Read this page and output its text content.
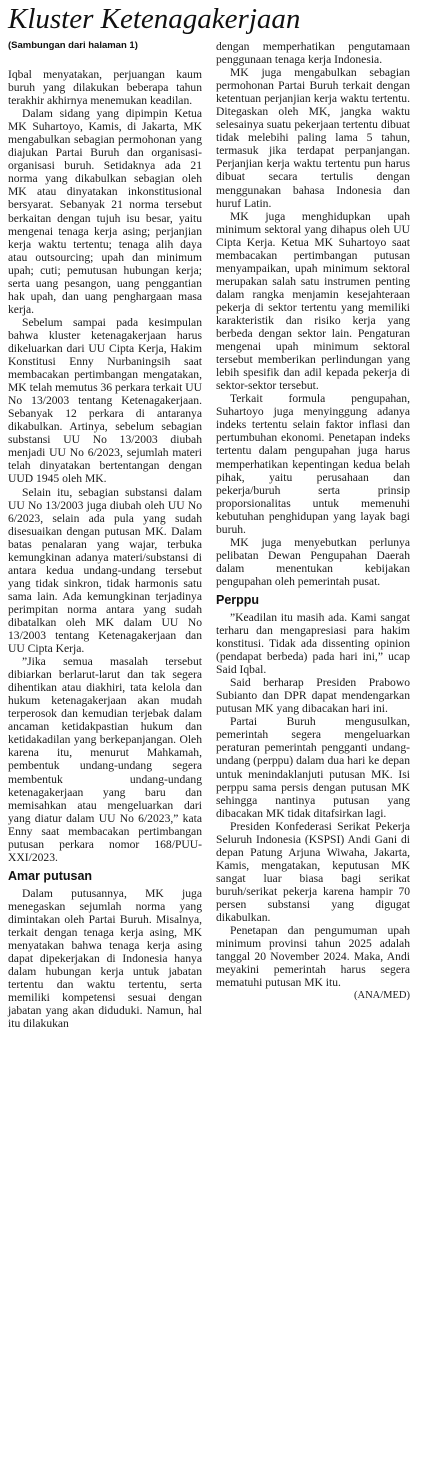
Kluster Ketenagakerjaan
(Sambungan dari halaman 1)

Iqbal menyatakan, perjuangan kaum buruh yang dilakukan beberapa tahun terakhir akhirnya menemukan keadilan.

Dalam sidang yang dipimpin Ketua MK Suhartoyo, Kamis, di Jakarta, MK mengabulkan sebagian permohonan yang diajukan Partai Buruh dan organisasi-organisasi buruh. Setidaknya ada 21 norma yang dikabulkan sebagian oleh MK atau dinyatakan inkonstitusional bersyarat. Sebanyak 21 norma tersebut berkaitan dengan tujuh isu besar, yaitu mengenai tenaga kerja asing; perjanjian kerja waktu tertentu; tenaga alih daya atau outsourcing; upah dan minimum upah; cuti; pemutusan hubungan kerja; serta uang pesangon, uang penggantian hak upah, dan uang penghargaan masa kerja.

Sebelum sampai pada kesimpulan bahwa kluster ketenagakerjaan harus dikeluarkan dari UU Cipta Kerja, Hakim Konstitusi Enny Nurbaningsih saat membacakan pertimbangan mengatakan, MK telah memutus 36 perkara terkait UU No 13/2003 tentang Ketenagakerjaan. Sebanyak 12 perkara di antaranya dikabulkan. Artinya, sebelum sebagian substansi UU No 13/2003 diubah menjadi UU No 6/2023, sejumlah materi telah dinyatakan bertentangan dengan UUD 1945 oleh MK.

Selain itu, sebagian substansi dalam UU No 13/2003 juga diubah oleh UU No 6/2023, selain ada pula yang sudah disesuaikan dengan putusan MK. Dalam batas penalaran yang wajar, terbuka kemungkinan adanya materi/substansi di antara kedua undang-undang tersebut yang tidak sinkron, tidak harmonis satu sama lain. Ada kemungkinan terjadinya perimpitan norma antara yang sudah dibatalkan oleh MK dalam UU No 13/2003 tentang Ketenagakerjaan dan UU Cipta Kerja.

”Jika semua masalah tersebut dibiarkan berlarut-larut dan tak segera dihentikan atau diakhiri, tata kelola dan hukum ketenagakerjaan akan mudah terperosok dan kemudian terjebak dalam ancaman ketidakpastian hukum dan ketidakadilan yang berkepanjangan. Oleh karena itu, menurut Mahkamah, pembentuk undang-undang segera membentuk undang-undang ketenagakerjaan yang baru dan memisahkan atau mengeluarkan dari yang diatur dalam UU No 6/2023,” kata Enny saat membacakan pertimbangan putusan perkara nomor 168/PUU-XXI/2023.

Amar putusan

Dalam putusannya, MK juga menegaskan sejumlah norma yang dimintakan oleh Partai Buruh. Misalnya, terkait dengan tenaga kerja asing, MK menyatakan bahwa tenaga kerja asing dapat dipekerjakan di Indonesia hanya dalam hubungan kerja untuk jabatan tertentu dan waktu tertentu, serta memiliki kompetensi sesuai dengan jabatan yang akan diduduki. Namun, hal itu dilakukan

dengan memperhatikan pengutamaan penggunaan tenaga kerja Indonesia.

MK juga mengabulkan sebagian permohonan Partai Buruh terkait dengan ketentuan perjanjian kerja waktu tertentu. Ditegaskan oleh MK, jangka waktu selesainya suatu pekerjaan tertentu dibuat tidak melebihi paling lama 5 tahun, termasuk jika terdapat perpanjangan. Perjanjian kerja waktu tertentu pun harus dibuat secara tertulis dengan menggunakan bahasa Indonesia dan huruf Latin.

MK juga menghidupkan upah minimum sektoral yang dihapus oleh UU Cipta Kerja. Ketua MK Suhartoyo saat membacakan pertimbangan putusan menyampaikan, upah minimum sektoral merupakan salah satu instrumen penting dalam rangka menjamin kesejahteraan pekerja di sektor tertentu yang memiliki karakteristik dan risiko kerja yang berbeda dengan sektor lain. Pengaturan mengenai upah minimum sektoral tersebut memberikan perlindungan yang lebih spesifik dan adil kepada pekerja di sektor-sektor tersebut.

Terkait formula pengupahan, Suhartoyo juga menyinggung adanya indeks tertentu selain faktor inflasi dan pertumbuhan ekonomi. Penetapan indeks tertentu dalam pengupahan juga harus memperhatikan kepentingan kedua belah pihak, yaitu perusahaan dan pekerja/buruh serta prinsip proporsionalitas untuk memenuhi kebutuhan penghidupan yang layak bagi buruh.

MK juga menyebutkan perlunya pelibatan Dewan Pengupahan Daerah dalam menentukan kebijakan pengupahan oleh pemerintah pusat.

Perppu

”Keadilan itu masih ada. Kami sangat terharu dan mengapresiasi para hakim konstitusi. Tidak ada dissenting opinion (pendapat berbeda) pada hari ini,” ucap Said Iqbal.

Said berharap Presiden Prabowo Subianto dan DPR dapat mendengarkan putusan MK yang dibacakan hari ini.

Partai Buruh mengusulkan, pemerintah segera mengeluarkan peraturan pemerintah pengganti undang-undang (perppu) dalam dua hari ke depan untuk menindaklanjuti putusan MK. Isi perppu sama persis dengan putusan MK sehingga nantinya putusan yang dibacakan MK tidak ditafsirkan lagi.

Presiden Konfederasi Serikat Pekerja Seluruh Indonesia (KSPSI) Andi Gani di depan Patung Arjuna Wiwaha, Jakarta, Kamis, mengatakan, keputusan MK sangat luar biasa bagi serikat buruh/serikat pekerja karena hampir 70 persen substansi yang digugat dikabulkan.

Penetapan dan pengumuman upah minimum provinsi tahun 2025 adalah tanggal 20 November 2024. Maka, Andi meyakini pemerintah harus segera mematuhi putusan MK itu.

(ANA/MED)
